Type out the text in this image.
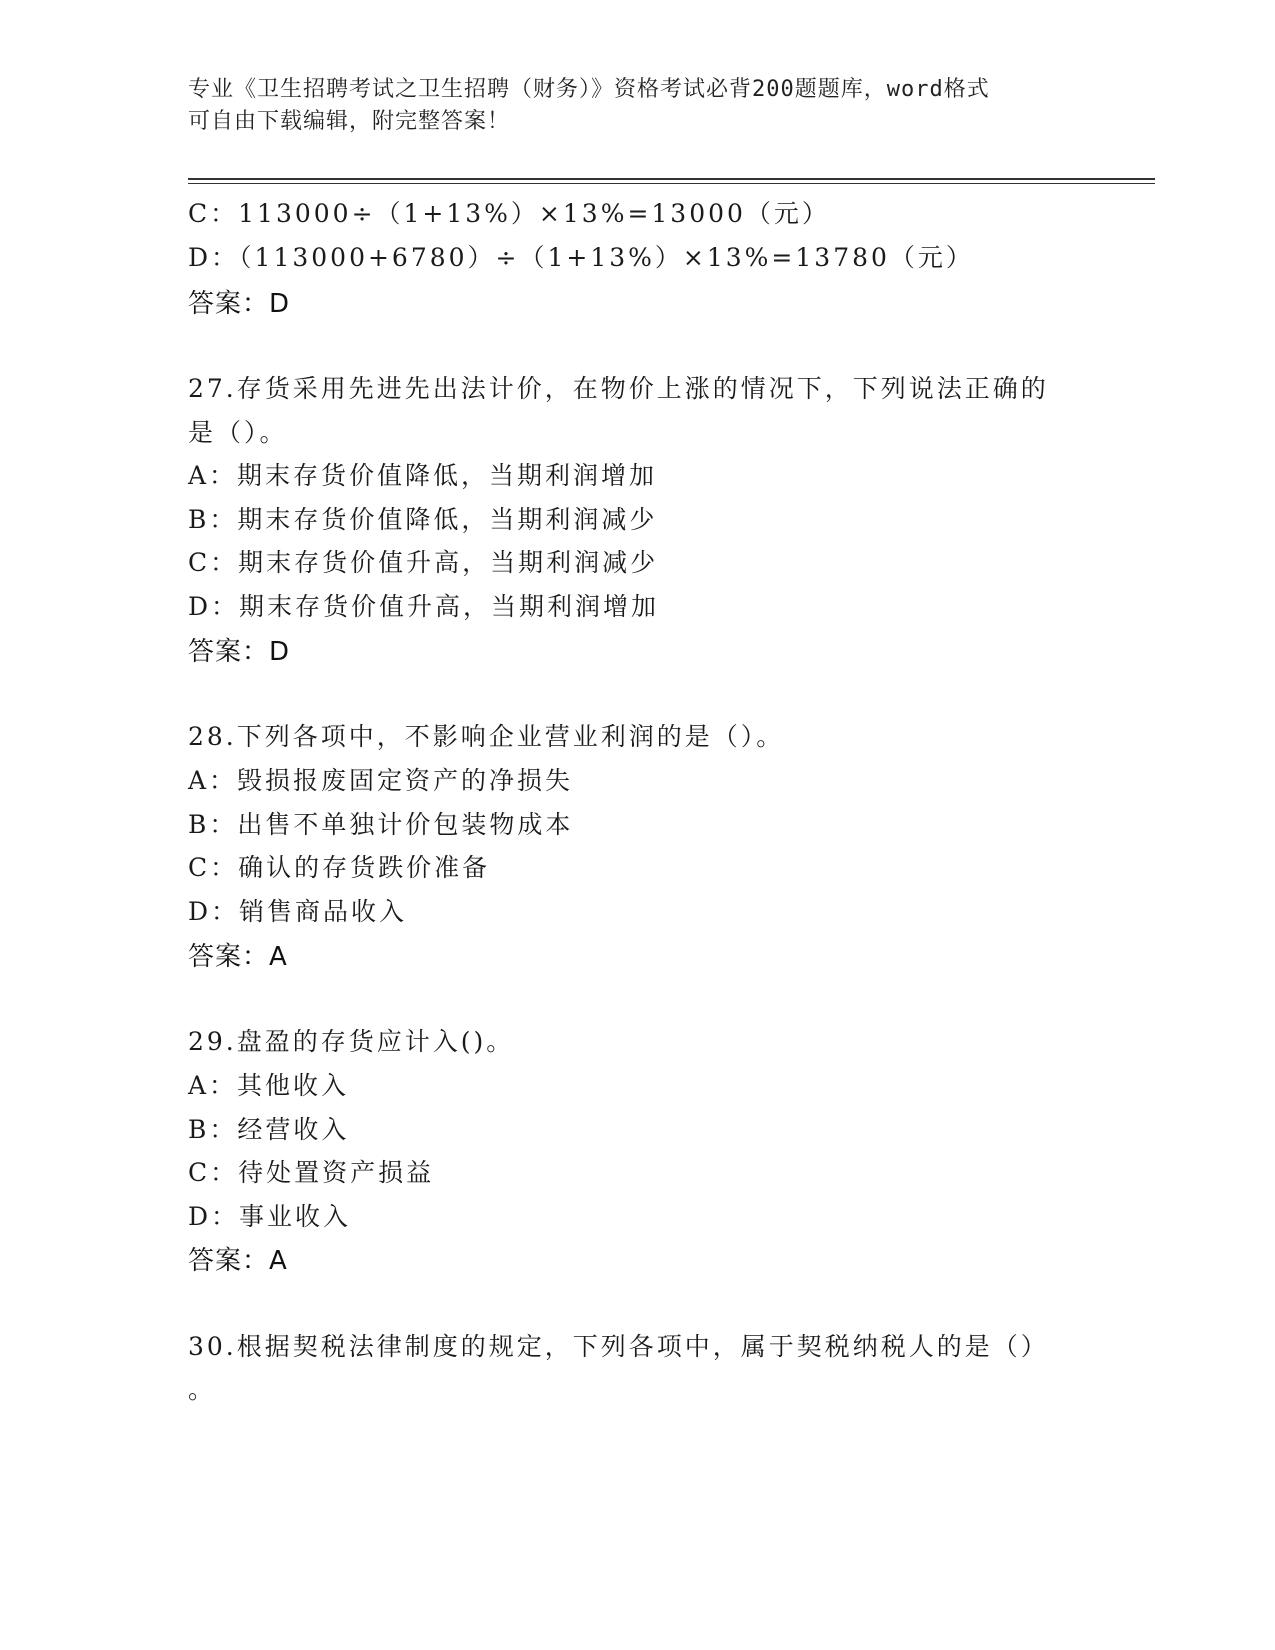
专业《卫生招聘考试之卫生招聘（财务）》资格考试必背200题题库，word格式
可自由下载编辑，附完整答案！
C：113000÷（1+13%）×13%=13000（元）
D：（113000+6780）÷（1+13%）×13%=13780（元）
答案：D
27.存货采用先进先出法计价，在物价上涨的情况下，下列说法正确的
是（）。
A：期末存货价值降低，当期利润增加
B：期末存货价值降低，当期利润减少
C：期末存货价值升高，当期利润减少
D：期末存货价值升高，当期利润增加
答案：D
28.下列各项中，不影响企业营业利润的是（）。
A：毁损报废固定资产的净损失
B：出售不单独计价包装物成本
C：确认的存货跌价准备
D：销售商品收入
答案：A
29.盘盈的存货应计入()。
A：其他收入
B：经营收入
C：待处置资产损益
D：事业收入
答案：A
30.根据契税法律制度的规定，下列各项中，属于契税纳税人的是（）
。
